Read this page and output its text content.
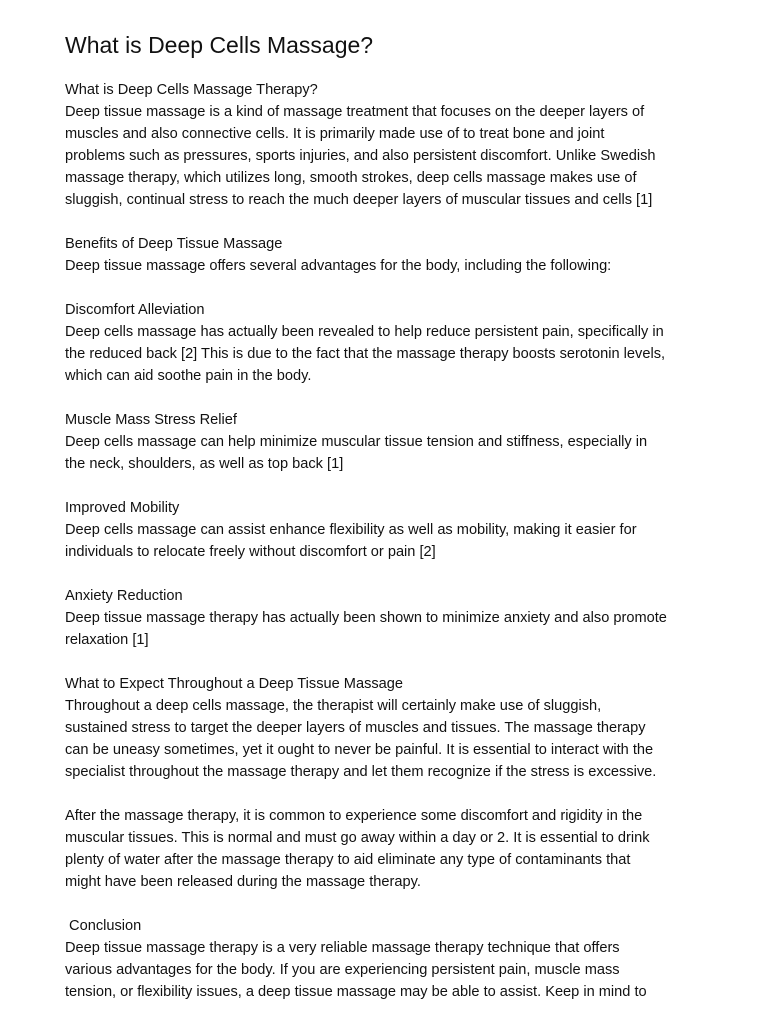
What is Deep Cells Massage?
What is Deep Cells Massage Therapy?
Deep tissue massage is a kind of massage treatment that focuses on the deeper layers of
muscles and also connective cells. It is primarily made use of to treat bone and joint
problems such as pressures, sports injuries, and also persistent discomfort. Unlike Swedish
massage therapy, which utilizes long, smooth strokes, deep cells massage makes use of
sluggish, continual stress to reach the much deeper layers of muscular tissues and cells [1]
Benefits of Deep Tissue Massage
Deep tissue massage offers several advantages for the body, including the following:
Discomfort Alleviation
Deep cells massage has actually been revealed to help reduce persistent pain, specifically in
the reduced back [2] This is due to the fact that the massage therapy boosts serotonin levels,
which can aid soothe pain in the body.
Muscle Mass Stress Relief
Deep cells massage can help minimize muscular tissue tension and stiffness, especially in
the neck, shoulders, as well as top back [1]
Improved Mobility
Deep cells massage can assist enhance flexibility as well as mobility, making it easier for
individuals to relocate freely without discomfort or pain [2]
Anxiety Reduction
Deep tissue massage therapy has actually been shown to minimize anxiety and also promote
relaxation [1]
What to Expect Throughout a Deep Tissue Massage
Throughout a deep cells massage, the therapist will certainly make use of sluggish,
sustained stress to target the deeper layers of muscles and tissues. The massage therapy
can be uneasy sometimes, yet it ought to never be painful. It is essential to interact with the
specialist throughout the massage therapy and let them recognize if the stress is excessive.
After the massage therapy, it is common to experience some discomfort and rigidity in the
muscular tissues. This is normal and must go away within a day or 2. It is essential to drink
plenty of water after the massage therapy to aid eliminate any type of contaminants that
might have been released during the massage therapy.
Conclusion
Deep tissue massage therapy is a very reliable massage therapy technique that offers
various advantages for the body. If you are experiencing persistent pain, muscle mass
tension, or flexibility issues, a deep tissue massage may be able to assist. Keep in mind to
